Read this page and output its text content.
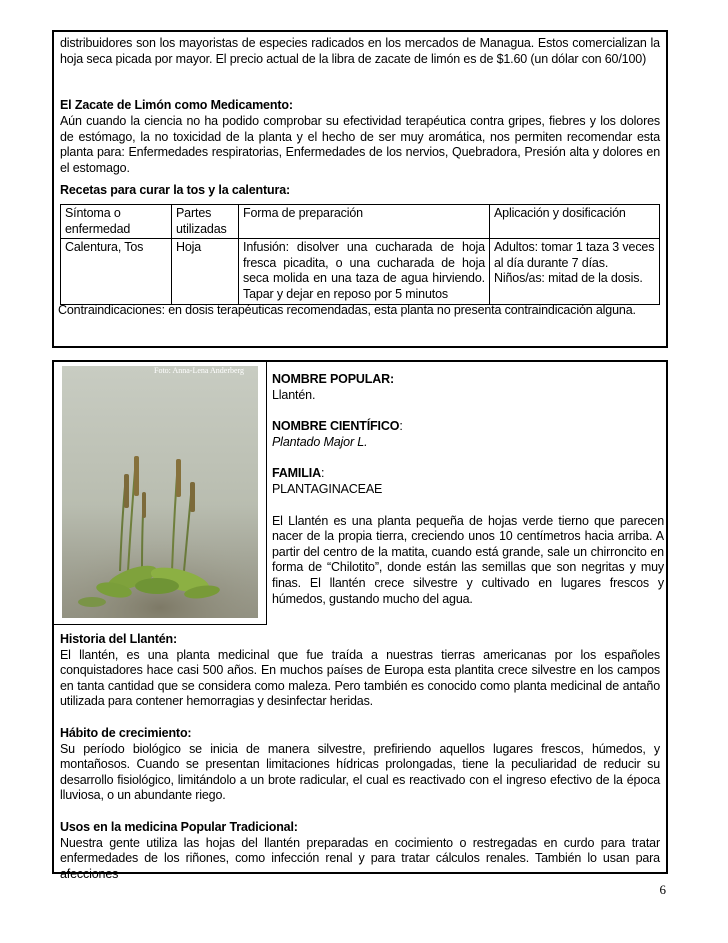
distribuidores son los mayoristas de especies radicados en los mercados de Managua. Estos comercializan la hoja seca picada por mayor. El precio actual de la libra de zacate de limón es de $1.60 (un dólar con 60/100)

El Zacate de Limón como Medicamento:

Aún cuando la ciencia no ha podido comprobar su efectividad terapéutica contra gripes, fiebres y los dolores de estómago, la no toxicidad de la planta y el hecho de ser muy aromática, nos permiten recomendar esta planta para: Enfermedades respiratorias, Enfermedades de los nervios, Quebradora, Presión alta y dolores en el estomago.

Recetas para curar la tos y la calentura:

Síntoma o enfermedad	Partes utilizadas	Forma de preparación	Aplicación y dosificación
Calentura, Tos	Hoja	Infusión: disolver una cucharada de hoja fresca picadita, o una cucharada de hoja seca molida en una taza de agua hirviendo. Tapar y dejar en reposo por 5 minutos	Adultos: tomar 1 taza 3 veces al día durante 7 días. Niños/as: mitad de la dosis.

Contraindicaciones: en dosis terapéuticas recomendadas, esta planta no presenta contraindicación alguna.

Foto: Anna-Lena Anderberg

NOMBRE POPULAR:

Llantén.

NOMBRE CIENTÍFICO:

Plantado Major L.

FAMILIA:

PLANTAGINACEAE

El Llantén es una planta pequeña de hojas verde tierno que parecen nacer de la propia tierra, creciendo unos 10 centímetros hacia arriba. A partir del centro de la matita, cuando está grande, sale un chirroncito en forma de “Chilotito”, donde están las semillas que son negritas y muy finas. El llantén crece silvestre y cultivado en lugares frescos y húmedos, gustando mucho del agua.

Historia del Llantén:

El llantén, es una planta medicinal que fue traída a nuestras tierras americanas por los españoles conquistadores hace casi 500 años. En muchos países de Europa esta plantita crece silvestre en los campos en tanta cantidad que se considera como maleza. Pero también es conocido como planta medicinal de antaño utilizada para contener hemorragias y desinfectar heridas.

Hábito de crecimiento:

Su período biológico se inicia de manera silvestre, prefiriendo aquellos lugares frescos, húmedos, y montañosos. Cuando se presentan limitaciones hídricas prolongadas, tiene la peculiaridad de reducir su desarrollo fisiológico, limitándolo a un brote radicular, el cual es reactivado con el ingreso efectivo de la época lluviosa, o un abundante riego.

Usos en la medicina Popular Tradicional:

Nuestra gente utiliza las hojas del llantén preparadas en cocimiento o restregadas en curdo para tratar enfermedades de los riñones, como infección renal y para tratar cálculos renales. También lo usan para afecciones

6
